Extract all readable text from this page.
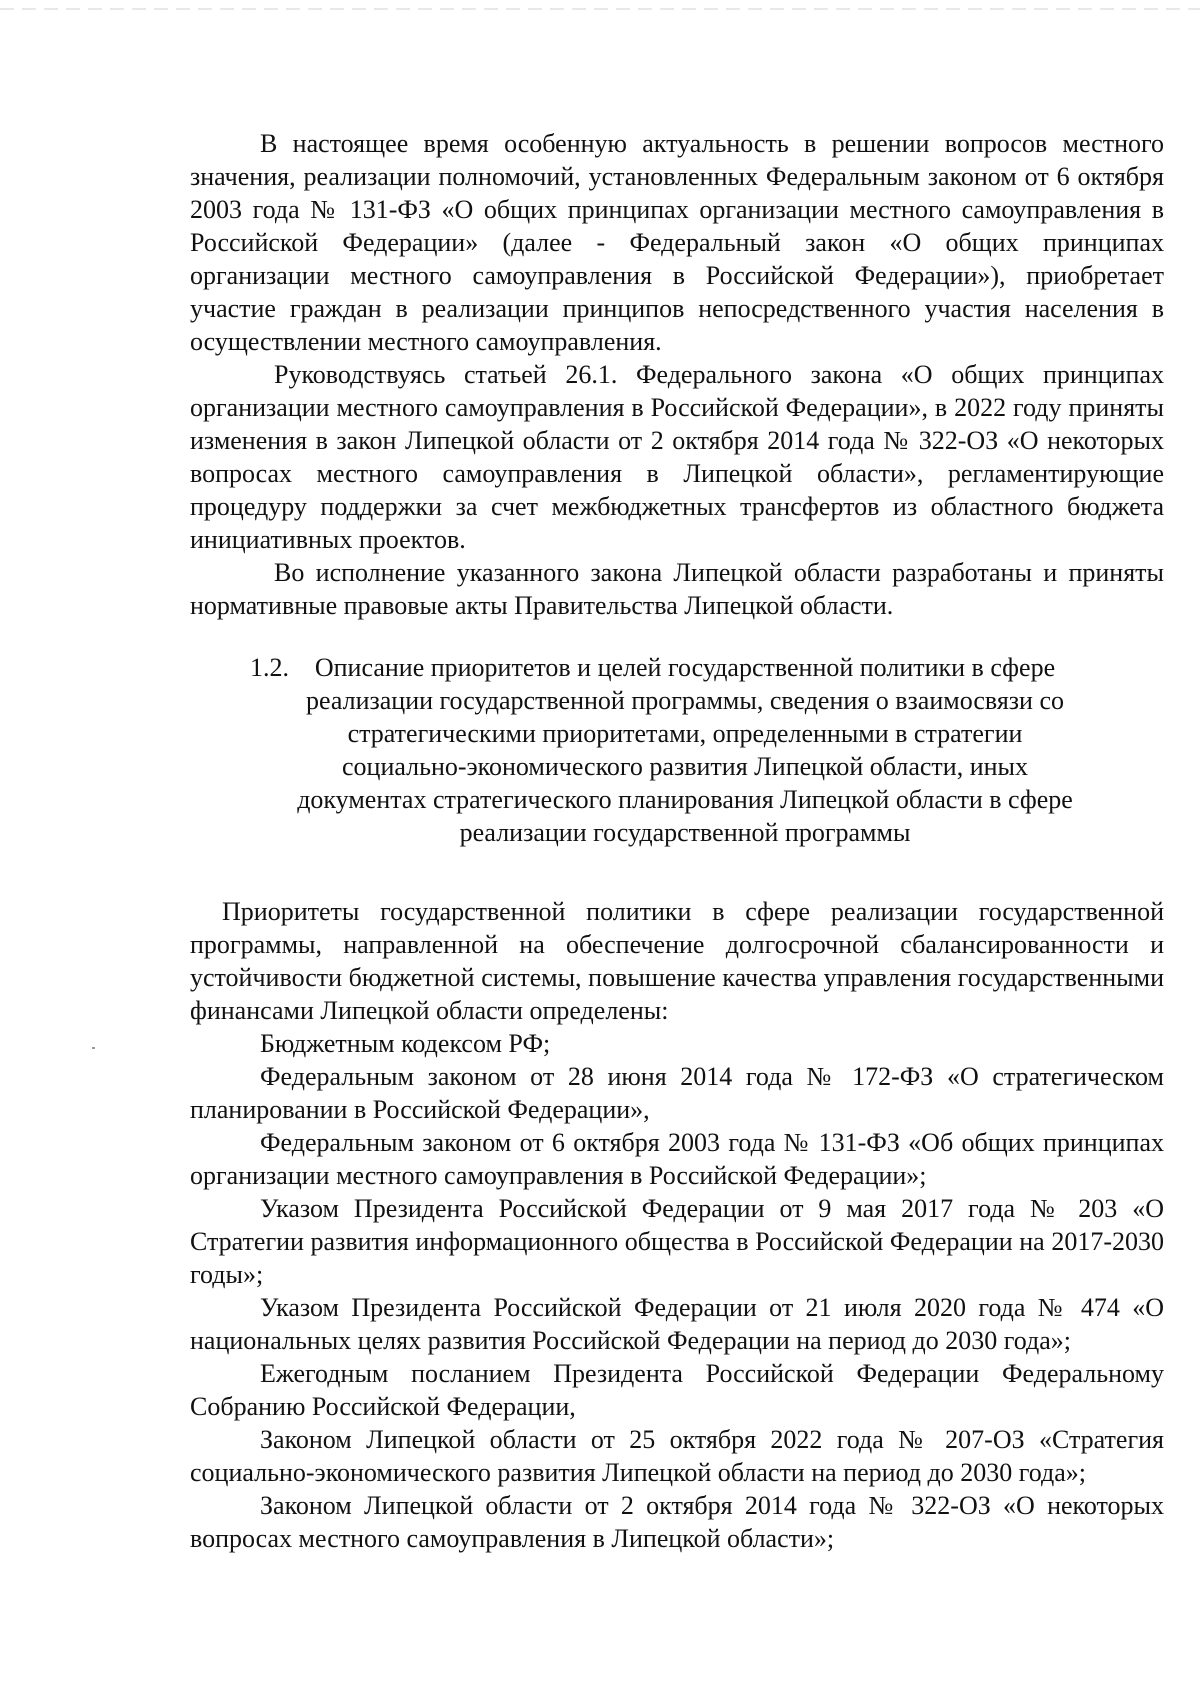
В настоящее время особенную актуальность в решении вопросов местного значения, реализации полномочий, установленных Федеральным законом от 6 октября 2003 года № 131-ФЗ «О общих принципах организации местного самоуправления в Российской Федерации» (далее - Федеральный закон «О общих принципах организации местного самоуправления в Российской Федерации»), приобретает участие граждан в реализации принципов непосредственного участия населения в осуществлении местного самоуправления.

Руководствуясь статьей 26.1. Федерального закона «О общих принципах организации местного самоуправления в Российской Федерации», в 2022 году приняты изменения в закон Липецкой области от 2 октября 2014 года № 322-ОЗ «О некоторых вопросах местного самоуправления в Липецкой области», регламентирующие процедуру поддержки за счет межбюджетных трансфертов из областного бюджета инициативных проектов.

Во исполнение указанного закона Липецкой области разработаны и приняты нормативные правовые акты Правительства Липецкой области.

1.2. Описание приоритетов и целей государственной политики в сфере реализации государственной программы, сведения о взаимосвязи со стратегическими приоритетами, определенными в стратегии социально-экономического развития Липецкой области, иных документах стратегического планирования Липецкой области в сфере реализации государственной программы

Приоритеты государственной политики в сфере реализации государственной программы, направленной на обеспечение долгосрочной сбалансированности и устойчивости бюджетной системы, повышение качества управления государственными финансами Липецкой области определены:

Бюджетным кодексом РФ;

Федеральным законом от 28 июня 2014 года № 172-ФЗ «О стратегическом планировании в Российской Федерации»,

Федеральным законом от 6 октября 2003 года № 131-ФЗ «Об общих принципах организации местного самоуправления в Российской Федерации»;

Указом Президента Российской Федерации от 9 мая 2017 года № 203 «О Стратегии развития информационного общества в Российской Федерации на 2017-2030 годы»;

Указом Президента Российской Федерации от 21 июля 2020 года № 474 «О национальных целях развития Российской Федерации на период до 2030 года»;

Ежегодным посланием Президента Российской Федерации Федеральному Собранию Российской Федерации,

Законом Липецкой области от 25 октября 2022 года № 207-ОЗ «Стратегия социально-экономического развития Липецкой области на период до 2030 года»;

Законом Липецкой области от 2 октября 2014 года № 322-ОЗ «О некоторых вопросах местного самоуправления в Липецкой области»;
